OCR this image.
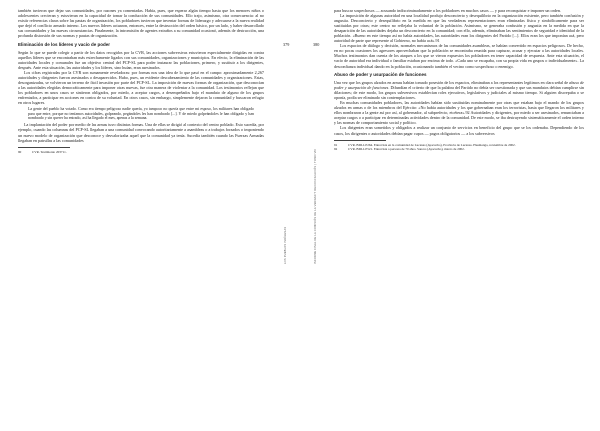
también tuvieron que dejar sus comunidades, por razones ya comentadas. Había, pues, que esperar algún tiempo hasta que los menores niños o adolescentes crecieran y estuvieran en la capacidad de tomar la conducción de sus comunidades. Ello trajo, asimismo, otra consecuencia: al no existir referencias claras sobre las pautas de organización, los pobladores tuvieron que inventar formas de liderazgo y adecuarse a la nueva realidad que dejó el conflicto armado interno. Los nuevos líderes actuaron, entonces, entre la destrucción del orden básico, por un lado, y haber desarrollado sus comunidades y las nuevas circunstancias. Finalmente, la intromisión de agentes extraños a su comunidad ocasionó, además de destrucción, una profunda distorsión de sus normas y pautas de organización.

Eliminación de los líderes y vacío de poder

Según lo que se puede colegir a partir de los datos recogidos por la CVR, las acciones subversivas estuvieron especialmente dirigidas en contra aquellos líderes que se encontraban más estrechamente ligados con sus comunidades, organizaciones y municipios. En efecto, la eliminación de las autoridades locales y comunales fue un objetivo central del PCP-SL para poder instaurar las poblaciones, primero, y sustituir a los dirigentes, después. Ante esta situación, las autoridades y los líderes, sino huían, eran asesinados.

Los cifras registradas por la CVR son sumamente reveladoras: por formas nos una idea de lo que pasó en el campo: aproximadamente 2,267 autoridades y dirigentes fueron asesinados o desaparecidos. Hubo, pues, un evidente descabezamiento de las comunidades y organizaciones. Estas, desorganizadas, se volvieron un terreno de fácil invasión por parte del PCP-SL. La imposición de nuevas formas de organización, que desconocían a las autoridades elegidas democráticamente para imponer otras nuevas, fue otra manera de violentar a la comunidad. Los testimonios reflejan que los pobladores en unos casos se sintieron obligados, por miedo, a aceptar cargos, a desempeñados bajo el mandato de alguno de los grupos enfrentados, a participar en acciones en contra de su voluntad. En otros casos, sin embargo, simplemente dejaron la comunidad y buscaron refugio en otros lugares.

La gente del pueblo ha votado. Como era tiempo peligroso nadie quería, yo tampoco no quería que entre mi esposo, los militares han obligado para que entre, porque no teníamos autoridades, golpeando, pegándoles les han nombrado [...]. Y de miedo golpeándoles le han obligado y han nombrado y sin querer ha entrado, así ha llegado el mes, apenas a la semana.

La implantación del poder por medio de las armas tuvo distintas formas. Una de ellas se dirigió al contexto del centro poblado. Esto sucedía, por ejemplo, cuando las columnas del PCP-SL llegaban a una comunidad convocando autoritariamente a asambleas o a trabajos forzados o imponiendo un nuevo modelo de organización que desconoce y desvalorizaba aquel que la comunidad ya tenía. Sucedía también cuando las Fuerzas Armadas llegaban en patrullas a las comunidades

90	CVR. Testimonio 203711.

379
LOS PUEBLOS INDÍGENAS
380
INFORME FINAL DE LA COMISIÓN DE LA VERDAD Y RECONCILIACIÓN | TOMO VIII

para buscar sospechosos — acusando indiscriminadamente a los pobladores en muchos casos — y para reconquistar e imponer un orden.

La imposición de algunas autoridad en una localidad produjo desconcierto y desequilibrio en la organización existente, pero también confusión y angustia. Desconcierto y desequilibrio en la medida en que las verdaderas representaciones eran eliminadas física y simbólicamente para ser sustituidas por otras; este centro no reflejaba la voluntad de la población. Asimismo, se generaba confusión y angustia en la medida en que la desaparición de las autoridades dejaba un desconcierto en la comunidad; con ello, además, eliminaban las sentimientos de seguridad e identidad de la población. «Bueno en este tiempo así no había autoridades, las autoridades eran los dirigentes del Partido [...]. Ellos eran los que imponían acá, pero autoridad de parte que represente al Gobierno, no había acá».91

Los espacios de diálogo y decisión, normales mecanismos de las comunidades asambleas, se habían convertido en espacios peligrosos. De hecho, en no pocas ocasiones los agresores aprovechaban que la población se encontraba reunida para capturar, acusar y ejecutar a las autoridades locales. Muchos testimonios dan cuenta de los ataques a los que se vieron expuestos los pobladores en tener capacidad de respuesta. Ante esta situación, el vacío de autoridad era individual o familiar estaban por encima de todo. «Cada uno se escapaba, con su propia vida en grupos o individualmente». La desconfianza individual dando en la población, ocasionando también el vecino como sospechoso o enemigo.

Abuso de poder y usurpación de funciones

Una vez que los grupos alzados en armas habían tomado posesión de los espacios, eliminaban a los representantes legítimos en clara señal de abuso de poder y usurpación de funciones. Difundían el criterio de que la palabra del Partido no debía ser cuestionada y que sus mandatos debían cumplirse sin dilaciones; de este modo, los grupos subversivos establecían roles ejecutivos, legislativos y judiciales al mismo tiempo. Si alguien discrepaba o se oponía, podía ser eliminado sin contemplaciones.

En muchas comunidades pobladores, las autoridades habían sido sustituidas nominalmente por otras que estaban bajo el mando de los grupos alzados en armas o de los miembros del Ejército: «No había autoridades y los que gobernaban eran los terroristas, hasta que llegaron los militares y ellos nombraron a la gente así por así, al gobernador, al subprefecto, etcétera».92 Autoridades y dirigentes, por miedo a ser asesinados, renunciaban a aceptar cargos o a participar en determinadas actividades dentro de la comunidad. De este modo, se iba destruyendo sistemáticamente el orden interno y las normas de comportamiento social y político.

Los dirigentes eran sometidos y obligados a realizar un conjunto de servicios en beneficio del grupo que se los ordenaba. Dependiendo de los casos, los dirigentes o autoridades debían pagar cupos — pagos obligatorios — a los subversivos

91	CVR. BDI-I-P264. Entrevista en la comunidad de Lucanas (Ayacucho), Provincia de Lucanas. Huamanga, noviembre de 2002.

92	CVR. BDI-I-P521. Entrevista a persona de 70 años. Sancos (Ayacucho), marzo de 2002.
